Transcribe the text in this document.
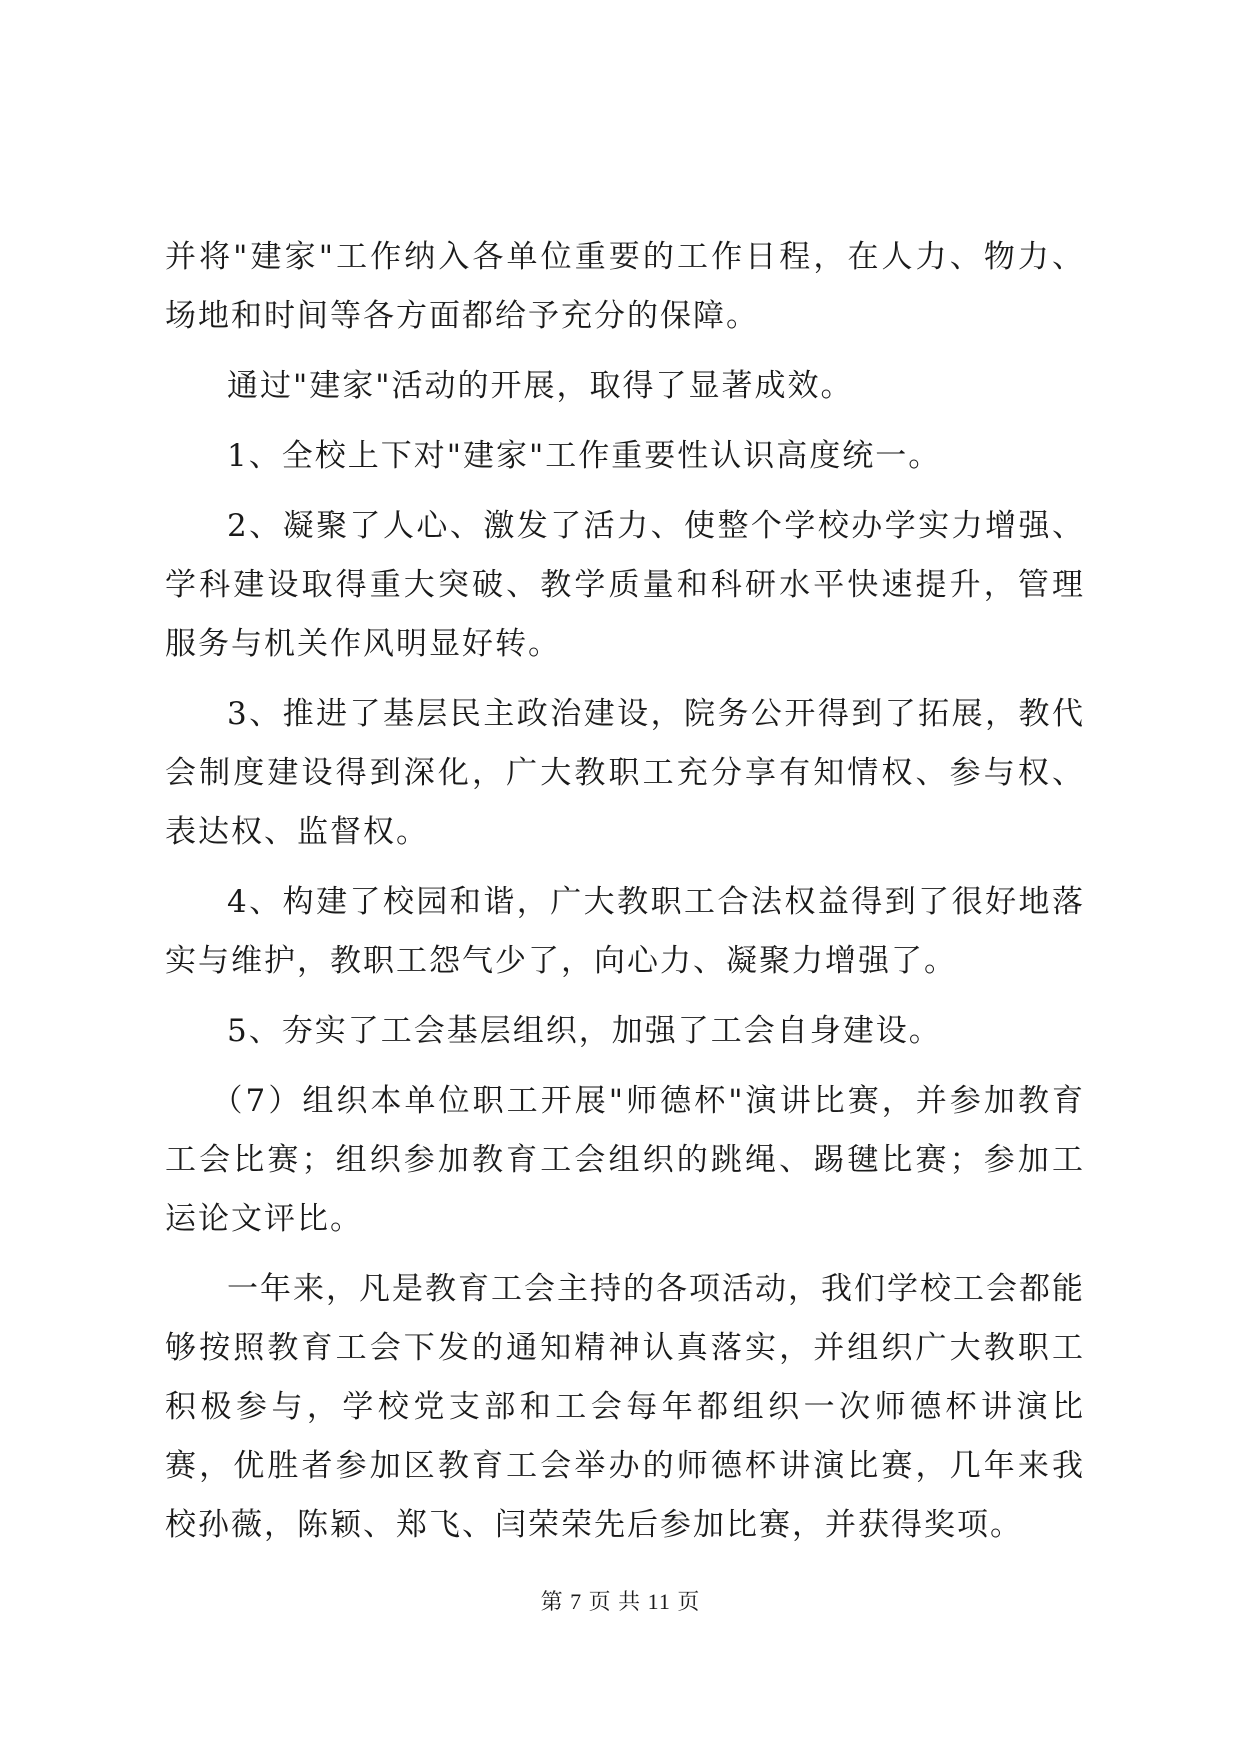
并将"建家"工作纳入各单位重要的工作日程，在人力、物力、场地和时间等各方面都给予充分的保障。

通过"建家"活动的开展，取得了显著成效。

1、全校上下对"建家"工作重要性认识高度统一。

2、凝聚了人心、激发了活力、使整个学校办学实力增强、学科建设取得重大突破、教学质量和科研水平快速提升，管理服务与机关作风明显好转。

3、推进了基层民主政治建设，院务公开得到了拓展，教代会制度建设得到深化，广大教职工充分享有知情权、参与权、表达权、监督权。

4、构建了校园和谐，广大教职工合法权益得到了很好地落实与维护，教职工怨气少了，向心力、凝聚力增强了。

5、夯实了工会基层组织，加强了工会自身建设。

（7）组织本单位职工开展"师德杯"演讲比赛，并参加教育工会比赛；组织参加教育工会组织的跳绳、踢毽比赛；参加工运论文评比。

一年来，凡是教育工会主持的各项活动，我们学校工会都能够按照教育工会下发的通知精神认真落实，并组织广大教职工积极参与，学校党支部和工会每年都组织一次师德杯讲演比赛，优胜者参加区教育工会举办的师德杯讲演比赛，几年来我校孙薇，陈颖、郑飞、闫荣荣先后参加比赛，并获得奖项。

第 7 页 共 11 页
